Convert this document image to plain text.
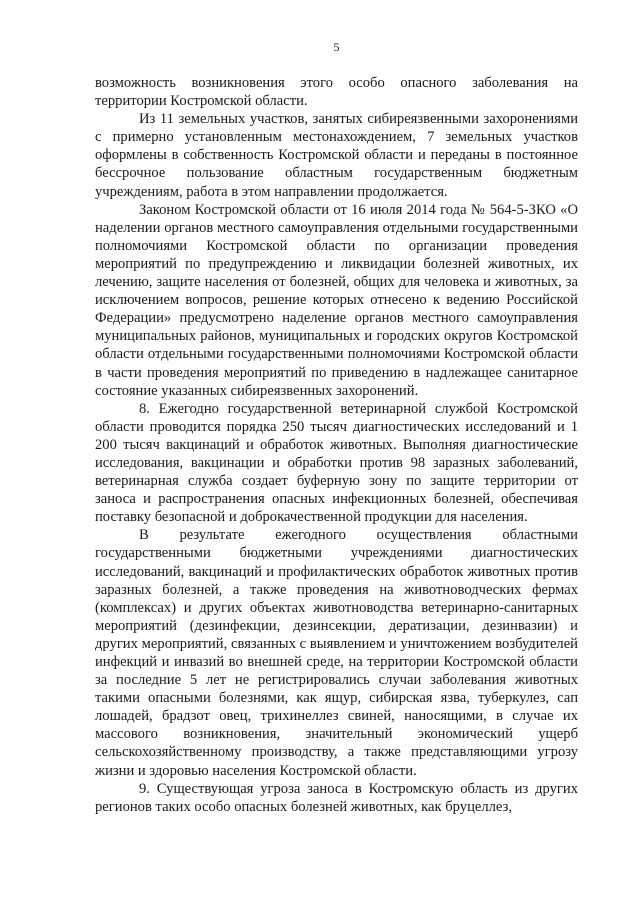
5

возможность возникновения этого особо опасного заболевания на территории Костромской области.

Из 11 земельных участков, занятых сибиреязвенными захоронениями с примерно установленным местонахождением, 7 земельных участков оформлены в собственность Костромской области и переданы в постоянное бессрочное пользование областным государственным бюджетным учреждениям, работа в этом направлении продолжается.

Законом Костромской области от 16 июля 2014 года № 564-5-ЗКО «О наделении органов местного самоуправления отдельными государственными полномочиями Костромской области по организации проведения мероприятий по предупреждению и ликвидации болезней животных, их лечению, защите населения от болезней, общих для человека и животных, за исключением вопросов, решение которых отнесено к ведению Российской Федерации» предусмотрено наделение органов местного самоуправления муниципальных районов, муниципальных и городских округов Костромской области отдельными государственными полномочиями Костромской области в части проведения мероприятий по приведению в надлежащее санитарное состояние указанных сибиреязвенных захоронений.

8. Ежегодно государственной ветеринарной службой Костромской области проводится порядка 250 тысяч диагностических исследований и 1 200 тысяч вакцинаций и обработок животных. Выполняя диагностические исследования, вакцинации и обработки против 98 заразных заболеваний, ветеринарная служба создает буферную зону по защите территории от заноса и распространения опасных инфекционных болезней, обеспечивая поставку безопасной и доброкачественной продукции для населения.

В результате ежегодного осуществления областными государственными бюджетными учреждениями диагностических исследований, вакцинаций и профилактических обработок животных против заразных болезней, а также проведения на животноводческих фермах (комплексах) и других объектах животноводства ветеринарно-санитарных мероприятий (дезинфекции, дезинсекции, дератизации, дезинвазии) и других мероприятий, связанных с выявлением и уничтожением возбудителей инфекций и инвазий во внешней среде, на территории Костромской области за последние 5 лет не регистрировались случаи заболевания животных такими опасными болезнями, как ящур, сибирская язва, туберкулез, сап лошадей, брадзот овец, трихинеллез свиней, наносящими, в случае их массового возникновения, значительный экономический ущерб сельскохозяйственному производству, а также представляющими угрозу жизни и здоровью населения Костромской области.

9. Существующая угроза заноса в Костромскую область из других регионов таких особо опасных болезней животных, как бруцеллез,
